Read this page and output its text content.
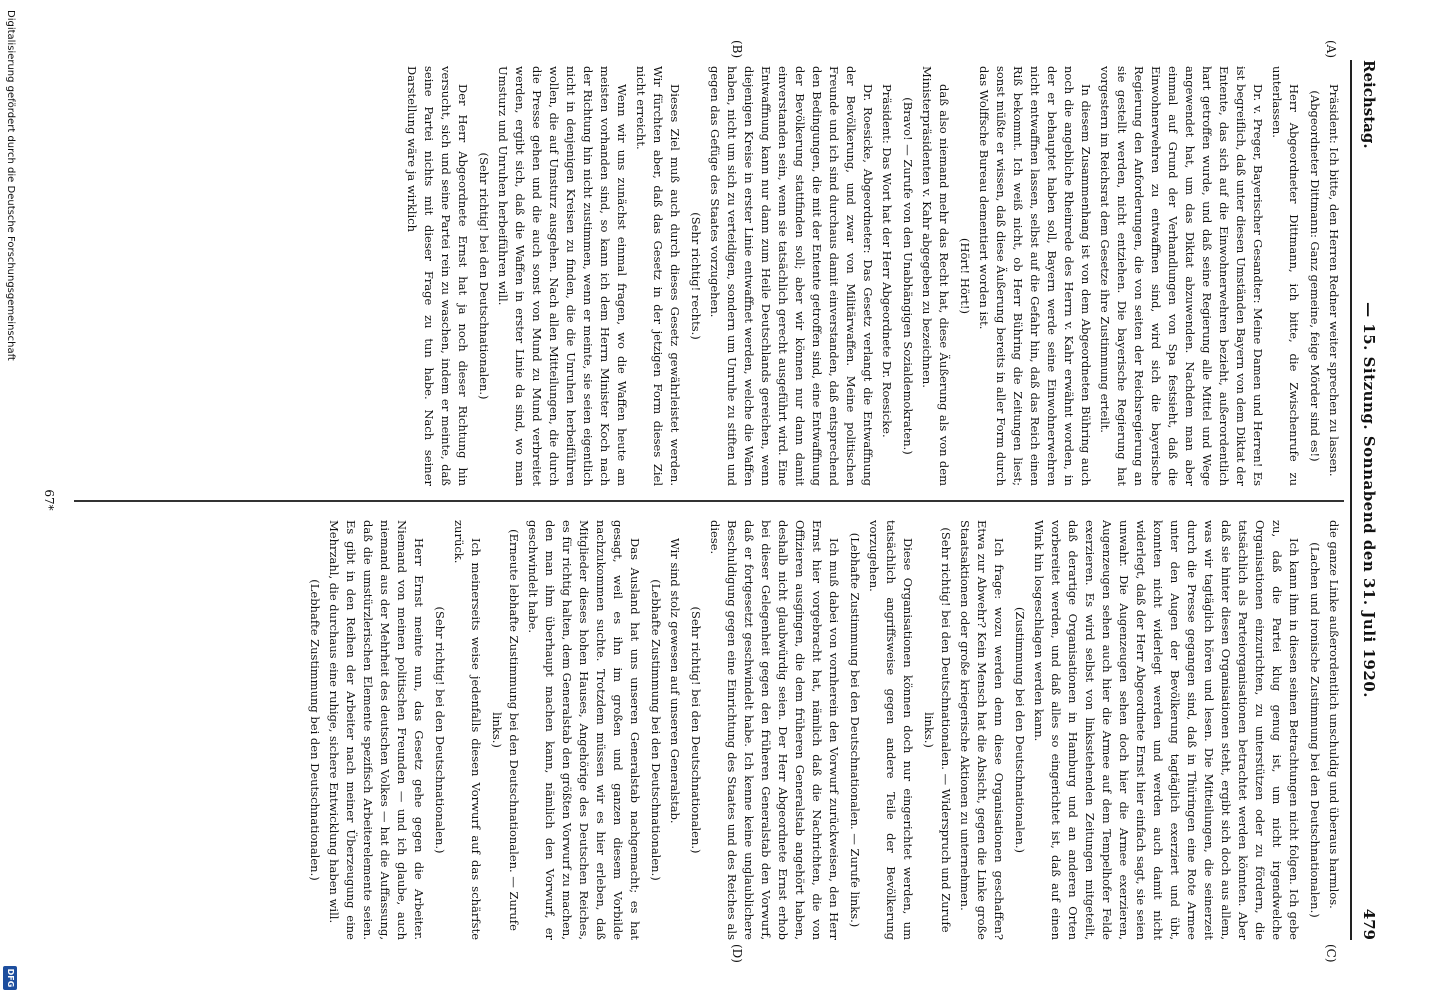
Reichstag.
— 15. Sitzung. Sonnabend den 31. Juli 1920.
479
(A)
(B)
(C)
(D)

Präsident: Ich bitte, den Herren Redner weiter sprechen zu lassen.

(Abgeordneter Dittmann: Ganz gemeine, feige Mörder sind es!)

Herr Abgeordneter Dittmann, ich bitte, die Zwischenrufe zu unterlassen.

Dr. v. Preger, Bayerischer Gesandter: Meine Damen und Herren! Es ist begreiflich, daß unter diesen Umständen Bayern von dem Diktat der Entente, das sich auf die Einwohnerwehren bezieht, außerordentlich hart getroffen wurde, und daß seine Regierung alle Mittel und Wege angewendet hat, um das Diktat abzuwenden. Nachdem man aber einmal auf Grund der Verhandlungen von Spa festsieht, daß die Einwohnerwehren zu entwaffnen sind, wird sich die bayerische Regierung den Anforderungen, die von seiten der Reichsregierung an sie gestellt werden, nicht entziehen. Die bayerische Regierung hat vorgestern im Reichsrat dem Gesetze ihre Zustimmung erteilt.

In diesem Zusammenhang ist von dem Abgeordneten Bühring auch noch die angebliche Rheinrede des Herrn v. Kahr erwähnt worden, in der er behauptet haben soll, Bayern werde seine Einwohnerwehren nicht entwaffnen lassen, selbst auf die Gefahr hin, daß das Reich einen Riß bekommt. Ich weiß nicht, ob Herr Bühring die Zeitungen liest; sonst müßte er wissen, daß diese Äußerung bereits in aller Form durch das Wolffsche Bureau dementiert worden ist.

(Hört! Hört!)

daß also niemand mehr das Recht hat, diese Äußerung als von dem Ministerpräsidenten v. Kahr abgegeben zu bezeichnen.

(Bravo! — Zurufe von den Unabhängigen Sozialdemokraten.)

Präsident: Das Wort hat der Herr Abgeordnete Dr. Roesicke.

Dr. Roesicke, Abgeordneter: Das Gesetz verlangt die Entwaffnung der Bevölkerung, und zwar von Militärwaffen. Meine politischen Freunde und ich sind durchaus damit einverstanden, daß entsprechend den Bedingungen, die mit der Entente getroffen sind, eine Entwaffnung der Bevölkerung stattfinden soll; aber wir können nur dann damit einverstanden sein, wenn sie tatsächlich gerecht ausgeführt wird. Eine Entwaffnung kann nur dann zum Heile Deutschlands gereichen, wenn diejenigen Kreise in erster Linie entwaffnet werden, welche die Waffen haben, nicht um sich zu verteidigen, sondern um Unruhe zu stiften und gegen das Gefüge des Staates vorzugehen.

(Sehr richtig! rechts.)

Dieses Ziel muß auch durch dieses Gesetz gewährleistet werden. Wir fürchten aber, daß das Gesetz in der jetzigen Form dieses Ziel nicht erreicht.

Wenn wir uns zunächst einmal fragen, wo die Waffen heute am meisten vorhanden sind, so kann ich dem Herrn Minister Koch nach der Richtung hin nicht zustimmen, wenn er meinte, sie seien eigentlich nicht in denjenigen Kreisen zu finden, die die Unruhen herbeiführen wollen, die auf Umsturz ausgehen. Nach allen Mitteilungen, die durch die Presse gehen und die auch sonst von Mund zu Mund verbreitet werden, ergibt sich, daß die Waffen in erster Linie da sind, wo man Umsturz und Unruhen herbeiführen will.

(Sehr richtig! bei den Deutschnationalen.)

Der Herr Abgeordnete Ernst hat ja noch dieser Richtung hin versucht, sich und seine Partei rein zu waschen, indem er meinte, daß seine Partei nichts mit dieser Frage zu tun habe. Nach seiner Darstellung wäre ja wirklich

die ganze Linke außerordentlich unschuldig und überaus harmlos.

(Lachen und ironische Zustimmung bei den Deutschnationalen.)

Ich kann ihm in diesen seinen Betrachtungen nicht folgen. Ich gebe zu, daß die Partei klug genug ist, um nicht irgendwelche Organisationen einzurichten, zu unterstützen oder zu fördern, die tatsächlich als Parteiorganisationen betrachtet werden könnten. Aber daß sie hinter diesen Organisationen steht, ergibt sich doch aus allem, was wir tagtäglich hören und lesen. Die Mitteilungen, die seinerzeit durch die Presse gegangen sind, daß in Thüringen eine Rote Armee unter den Augen der Bevölkerung tagtäglich exerziert und übt, konnten nicht widerlegt werden und werden auch damit nicht widerlegt, daß der Herr Abgeordnete Ernst hier einfach sagt, sie seien unwahr. Die Augenzeugen sehen doch hier die Armee exerzieren, Augenzeugen sehen auch hier die Armee auf dem Tempelhofer Felde exerzieren. Es wird selbst von linksstehenden Zeitungen mitgeteilt, daß derartige Organisationen in Hamburg und an anderen Orten vorbereitet werden, und daß alles so eingerichtet ist, daß auf einen Wink hin losgeschlagen werden kann.

(Zustimmung bei den Deutschnationalen.)

Ich frage: wozu werden denn diese Organisationen geschaffen? Etwa zur Abwehr? Kein Mensch hat die Absicht, gegen die Linke große Staatsaktionen oder große kriegerische Aktionen zu unternehmen.

(Sehr richtig! bei den Deutschnationalen. — Widerspruch und Zurufe links.)

Diese Organisationen können doch nur eingerichtet werden, um tatsächlich angriffsweise gegen andere Teile der Bevölkerung vorzugehen.

(Lebhafte Zustimmung bei den Deutschnationalen. — Zurufe links.)

Ich muß dabei von vornherein den Vorwurf zurückweisen, den Herr Ernst hier vorgebracht hat, nämlich daß die Nachrichten, die von Offizieren ausgingen, die dem früheren Generalstab angehört haben, deshalb nicht glaubwürdig seien. Der Herr Abgeordnete Ernst erhob bei dieser Gelegenheit gegen den früheren Generalstab den Vorwurf, daß er fortgesetzt geschwindelt habe. Ich kenne keine unglaublichere Beschuldigung gegen eine Einrichtung des Staates und des Reiches als diese.

(Sehr richtig! bei den Deutschnationalen.)

Wir sind stolz gewesen auf unseren Generalstab.

(Lebhafte Zustimmung bei den Deutschnationalen.)

Das Ausland hat uns unseren Generalstab nachgemacht; es hat gesagt, weil es ihn im großen und ganzen diesem Vorbilde nachzukommen suchte. Trotzdem müssen wir es hier erleben, daß Mitglieder dieses hohen Hauses, Angehörige des Deutschen Reiches, es für richtig halten, dem Generalstab den größten Vorwurf zu machen, den man ihm überhaupt machen kann, nämlich den Vorwurf, er geschwindelt habe.

(Erneute lebhafte Zustimmung bei den Deutschnationalen. — Zurufe links.)

Ich meinerseits weise jedenfalls diesen Vorwurf auf das schärfste zurück.

(Sehr richtig! bei den Deutschnationalen.)

Herr Ernst meinte nun, das Gesetz gehe gegen die Arbeiter. Niemand von meinen politischen Freunden — und ich glaube, auch niemand aus der Mehrheit des deutschen Volkes — hat die Auffassung, daß die umstürzlerischen Elemente spezifisch Arbeiterelemente seien. Es gibt in den Reihen der Arbeiter nach meiner Überzeugung eine Mehrzahl, die durchaus eine ruhige, sichere Entwicklung haben will.

(Lebhafte Zustimmung bei den Deutschnationalen.)

67*
Digitalisierung gefördert durch die Deutsche Forschungsgemeinschaft
DFG
